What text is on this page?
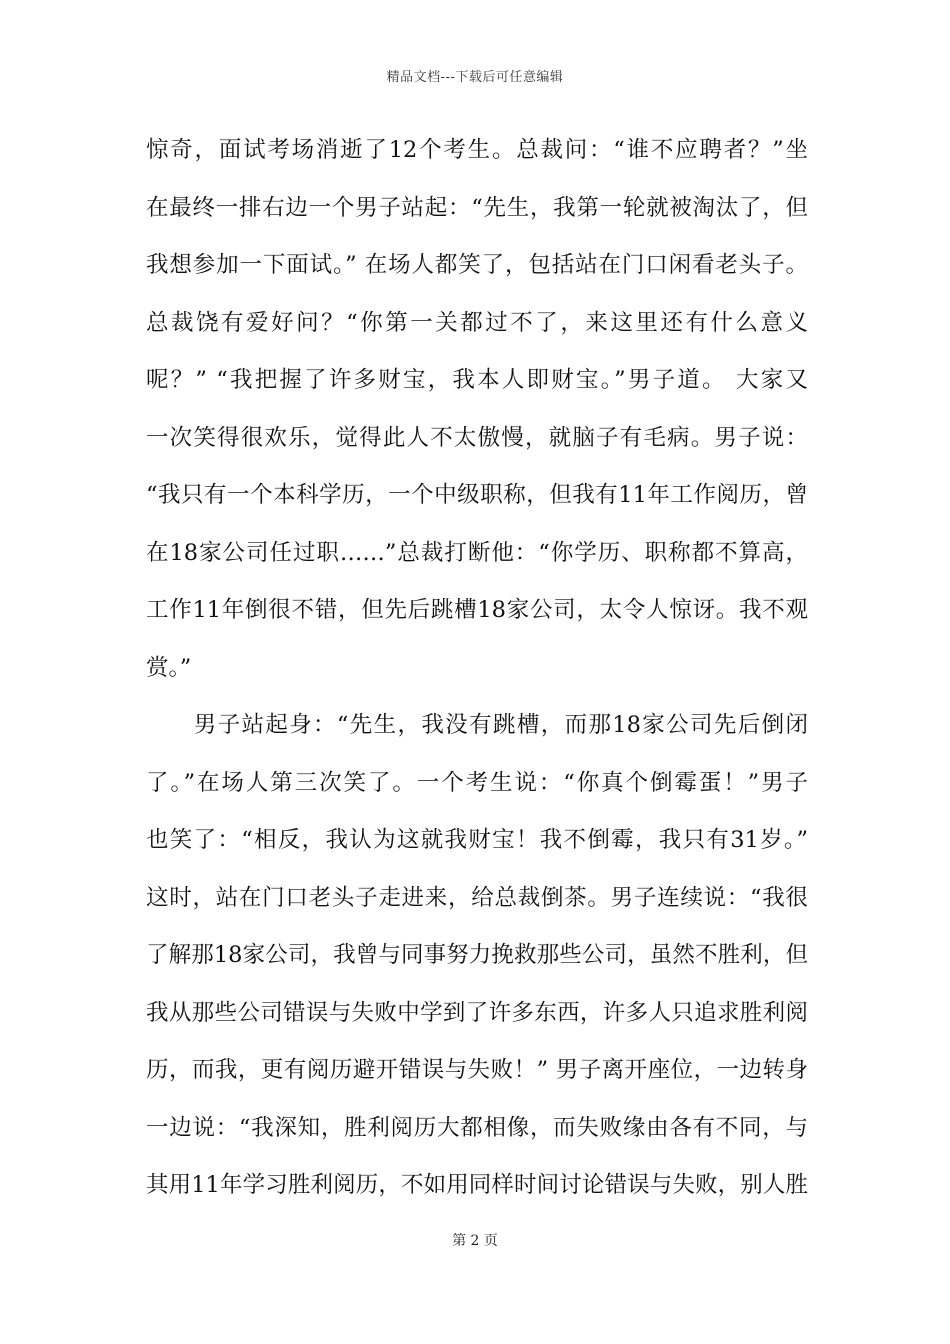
精品文档---下载后可任意编辑
惊奇，面试考场消逝了12个考生。总裁问：“谁不应聘者？”坐
在最终一排右边一个男子站起：“先生，我第一轮就被淘汰了，但
我想参加一下面试。” 在场人都笑了，包括站在门口闲看老头子。
总裁饶有爱好问？“你第一关都过不了，来这里还有什么意义
呢？” “我把握了许多财宝，我本人即财宝。”男子道。 大家又
一次笑得很欢乐，觉得此人不太傲慢，就脑子有毛病。男子说：
“我只有一个本科学历，一个中级职称，但我有11年工作阅历，曾
在18家公司任过职……”总裁打断他：“你学历、职称都不算高，
工作11年倒很不错，但先后跳槽18家公司，太令人惊讶。我不观
赏。”
　　男子站起身：“先生，我没有跳槽，而那18家公司先后倒闭
了。”在场人第三次笑了。一个考生说：“你真个倒霉蛋！”男子
也笑了：“相反，我认为这就我财宝！我不倒霉，我只有31岁。”
这时，站在门口老头子走进来，给总裁倒茶。男子连续说：“我很
了解那18家公司，我曾与同事努力挽救那些公司，虽然不胜利，但
我从那些公司错误与失败中学到了许多东西，许多人只追求胜利阅
历，而我，更有阅历避开错误与失败！” 男子离开座位，一边转身
一边说：“我深知，胜利阅历大都相像，而失败缘由各有不同，与
其用11年学习胜利阅历，不如用同样时间讨论错误与失败，别人胜
第 2 页
